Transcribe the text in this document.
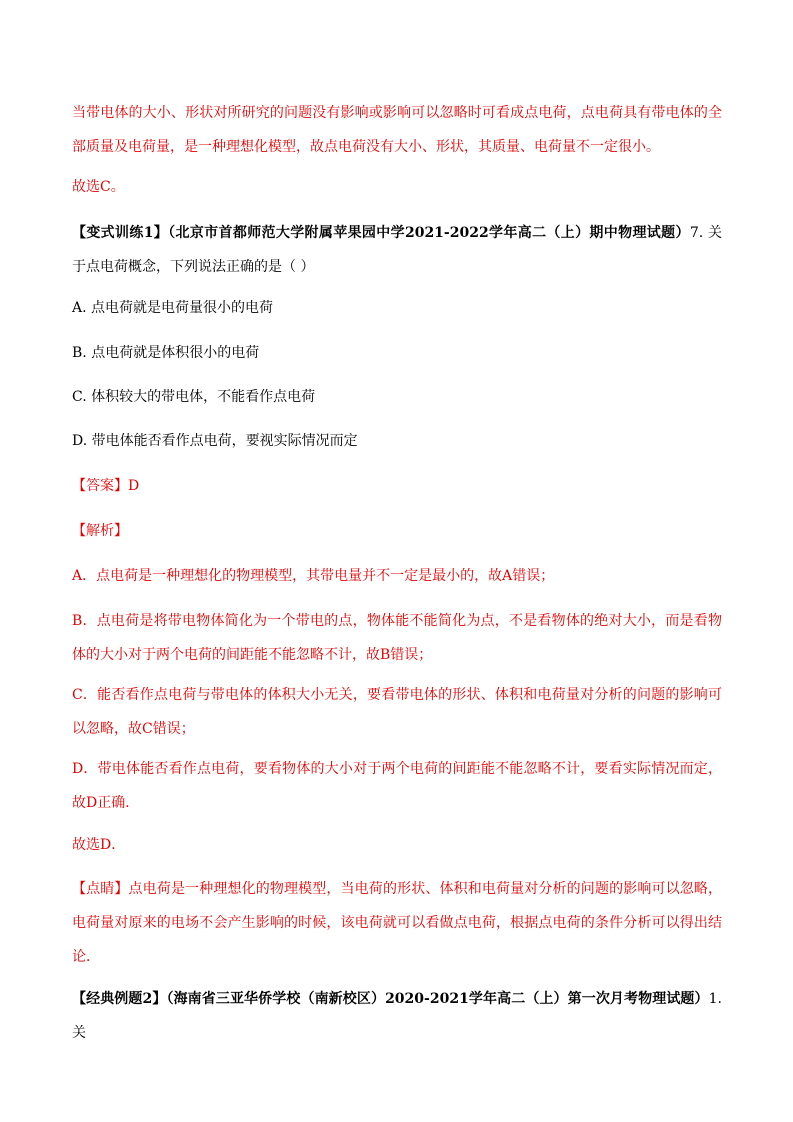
当带电体的大小、形状对所研究的问题没有影响或影响可以忽略时可看成点电荷，点电荷具有带电体的全部质量及电荷量，是一种理想化模型，故点电荷没有大小、形状，其质量、电荷量不一定很小。

故选C。

【变式训练1】（北京市首都师范大学附属苹果园中学2021-2022学年高二（上）期中物理试题）7. 关于点电荷概念，下列说法正确的是（ ）

A. 点电荷就是电荷量很小的电荷

B. 点电荷就是体积很小的电荷

C. 体积较大的带电体，不能看作点电荷

D. 带电体能否看作点电荷，要视实际情况而定

【答案】D

【解析】

A．点电荷是一种理想化的物理模型，其带电量并不一定是最小的，故A错误；

B．点电荷是将带电物体简化为一个带电的点，物体能不能简化为点，不是看物体的绝对大小，而是看物体的大小对于两个电荷的间距能不能忽略不计，故B错误；

C．能否看作点电荷与带电体的体积大小无关，要看带电体的形状、体积和电荷量对分析的问题的影响可以忽略，故C错误；

D．带电体能否看作点电荷，要看物体的大小对于两个电荷的间距能不能忽略不计，要看实际情况而定，故D正确．

故选D．

【点睛】点电荷是一种理想化的物理模型，当电荷的形状、体积和电荷量对分析的问题的影响可以忽略，电荷量对原来的电场不会产生影响的时候，该电荷就可以看做点电荷，根据点电荷的条件分析可以得出结论．

【经典例题2】（海南省三亚华侨学校（南新校区）2020-2021学年高二（上）第一次月考物理试题）1. 关
